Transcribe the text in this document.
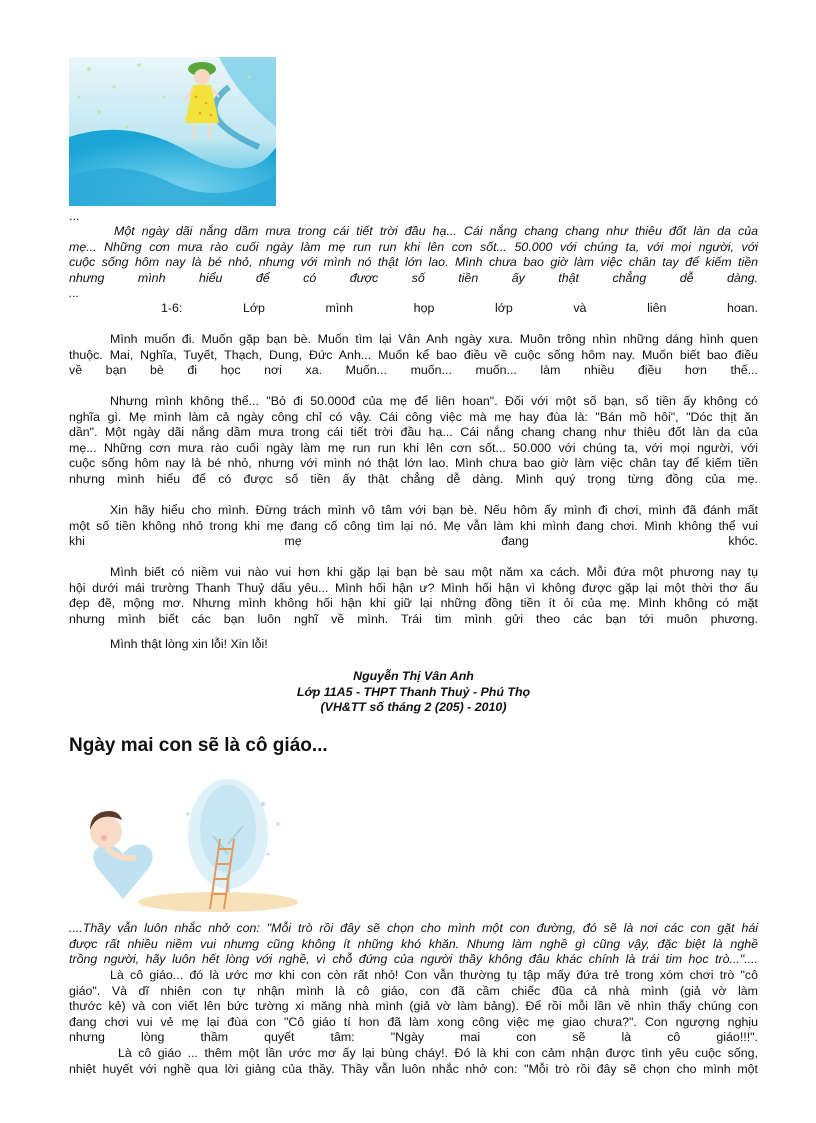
...
Một ngày dãi nắng dầm mưa trong cái tiết trời đầu hạ... Cái nắng chang chang như thiêu đốt làn da của
mẹ... Những cơn mưa rào cuối ngày làm mẹ run run khi lên cơn sốt... 50.000 với chúng ta, với mọi người, với
cuộc sống hôm nay là bé nhỏ, nhưng với mình nó thật lớn lao. Mình chưa bao giờ làm việc chân tay để kiếm tiền
nhưng mình hiểu để có được số tiền ấy thật chẳng dễ dàng.
...
1-6: Lớp mình họp lớp và liên hoan.
Mình muốn đi. Muốn gặp bạn bè. Muốn tìm lại Vân Anh ngày xưa. Muôn trông nhìn những dáng hình quen
thuộc. Mai, Nghĩa, Tuyết, Thạch, Dung, Đức Anh... Muốn kể bao điều về cuộc sống hôm nay. Muốn biết bao điều
về bạn bè đi học nơi xa. Muốn... muốn... muốn... làm nhiều điều hơn thế...
Nhưng mình không thể... "Bỏ đi 50.000đ của mẹ để liên hoan". Đối với một số bạn, số tiền ấy không có
nghĩa gì. Mẹ mình làm cả ngày công chỉ có vậy. Cái công việc mà mẹ hay đùa là: "Bán mồ hôi", "Dóc thịt ăn
dần". Một ngày dãi nắng dầm mưa trong cái tiết trời đầu hạ... Cái nắng chang chang như thiêu đốt làn da của
mẹ... Những cơn mưa rào cuối ngày làm mẹ run run khi lên cơn sốt... 50.000 với chúng ta, với mọi người, với
cuộc sống hôm nay là bé nhỏ, nhưng với mình nó thật lớn lao. Mình chưa bao giờ làm việc chân tay để kiếm tiền
nhưng mình hiểu để có được số tiền ấy thật chẳng dễ dàng. Mình quý trọng từng đồng của mẹ.
Xin hãy hiểu cho mình. Đừng trách mình vô tâm với bạn bè. Nếu hôm ấy mình đi chơi, mình đã đánh mất
một số tiền không nhỏ trong khi mẹ đang cố công tìm lại nó. Mẹ vẫn làm khi mình đang chơi. Mình không thể vui
khi mẹ đang khóc.
Mình biết có niềm vui nào vui hơn khi gặp lại bạn bè sau một năm xa cách. Mỗi đứa một phương nay tụ
hội dưới mái trường Thanh Thuỷ dấu yêu... Mình hối hận ư? Mình hối hận vì không được gặp lại một thời thơ ấu
đẹp đẽ, mộng mơ. Nhưng mình không hối hận khi giữ lại những đồng tiền ít ỏi của mẹ. Mình không có mặt
nhưng mình biết các bạn luôn nghĩ về mình. Trái tim mình gửi theo các bạn tới muôn phương.
Mình thật lòng xin lỗi! Xin lỗi!
Nguyễn Thị Vân Anh
Lớp 11A5 - THPT Thanh Thuỷ - Phú Thọ
(VH&TT số tháng 2 (205) - 2010)
Ngày mai con sẽ là cô giáo...
....Thầy vẫn luôn nhắc nhở con: "Mỗi trò rồi đây sẽ chọn cho mình một con đường, đó sẽ là nơi các con gặt hái
được rất nhiều niềm vui nhưng cũng không ít những khó khăn. Nhưng làm nghề gì cũng vậy, đặc biệt là nghề
trồng người, hãy luôn hết lòng với nghề, vì chỗ đứng của người thầy không đâu khác chính là trái tim học trò..."....
Là cô giáo... đó là ước mơ khi con còn rất nhỏ! Con vẫn thường tụ tập mấy đứa trẻ trong xóm chơi trò "cô
giáo". Và dĩ nhiên con tự nhận mình là cô giáo, con đã cầm chiếc đũa cả nhà mình (giả vờ làm
thước kẻ) và con viết lên bức tường xi măng nhà mình (giả vờ làm bảng). Để rồi mỗi lần về nhìn thấy chúng con
đang chơi vui vẻ mẹ lại đùa con "Cô giáo tí hon đã làm xong công việc mẹ giao chưa?". Con ngượng nghịu
nhưng lòng thầm quyết tâm: "Ngày mai con sẽ là cô giáo!!!".
Là cô giáo ... thêm một lần ước mơ ấy lại bùng cháy!. Đó là khi con cảm nhận được tình yêu cuộc sống,
nhiệt huyết với nghề qua lời giảng của thầy. Thầy vẫn luôn nhắc nhở con: "Mỗi trò rồi đây sẽ chọn cho mình một
